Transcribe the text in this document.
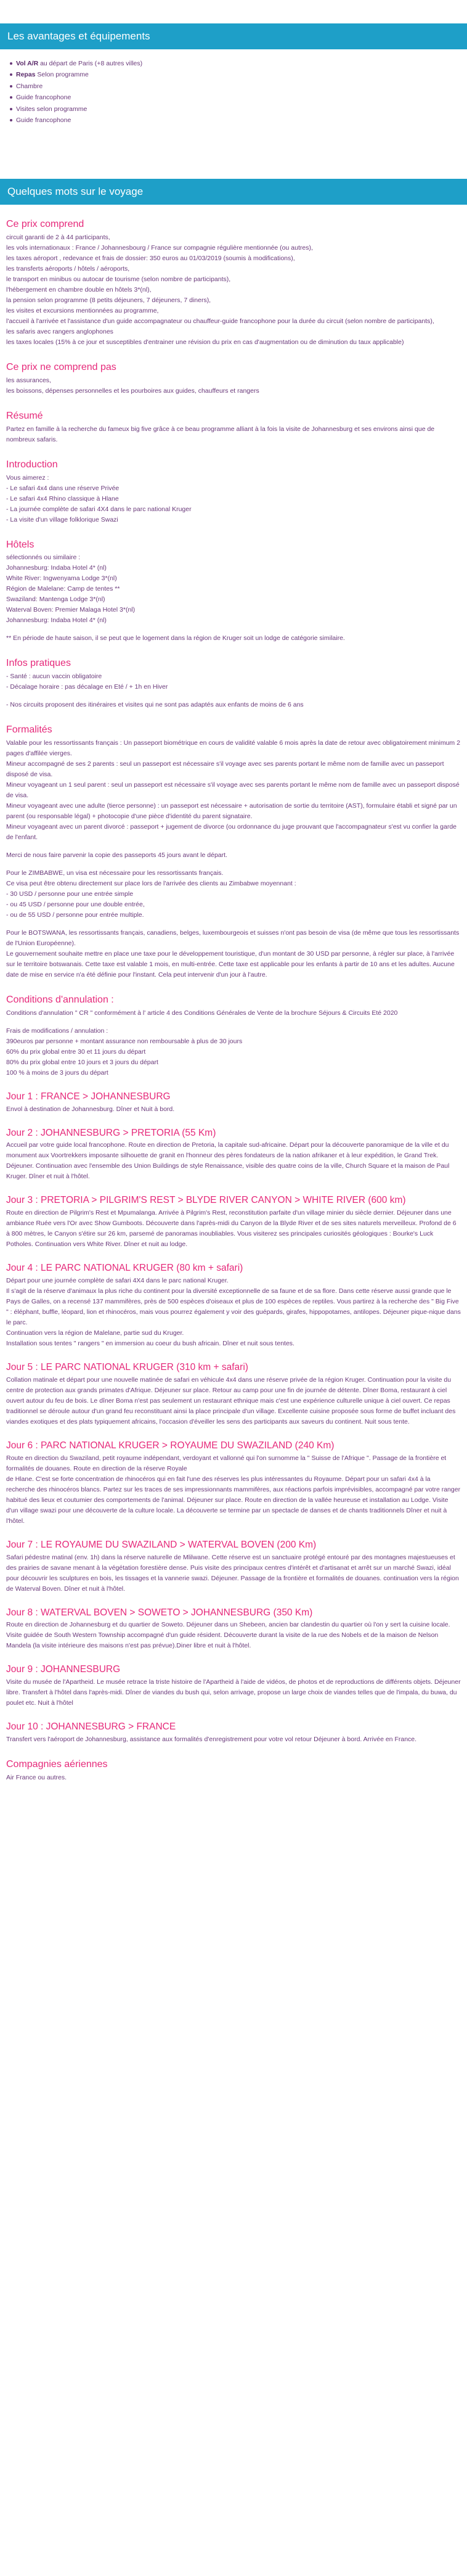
Les avantages et équipements
Vol A/R au départ de Paris (+8 autres villes)
Repas Selon programme
Chambre
Guide francophone
Visites selon programme
Guide francophone
Quelques mots sur le voyage
Ce prix comprend

circuit garanti de 2 à 44 participants,
les vols internationaux : France / Johannesbourg / France sur compagnie régulière mentionnée (ou autres),
les taxes aéroport , redevance et frais de dossier: 350 euros au 01/03/2019 (soumis à modifications),
les transferts aéroports / hôtels / aéroports,
le transport en minibus ou autocar de tourisme (selon nombre de participants),
l'hébergement en chambre double en hôtels 3*(nl),
la pension selon programme (8 petits déjeuners, 7 déjeuners, 7 diners),
les visites et excursions mentionnées au programme,
l'accueil à l'arrivée et l'assistance d'un guide accompagnateur ou chauffeur-guide francophone pour la durée du circuit (selon nombre de participants),
les safaris avec rangers anglophones
les taxes locales (15% à ce jour et susceptibles d'entrainer une révision du prix en cas d'augmentation ou de diminution du taux applicable)

Ce prix ne comprend pas

les assurances,
les boissons, dépenses personnelles et les pourboires aux guides, chauffeurs et rangers

Résumé

Partez en famille à la recherche du fameux big five grâce à ce beau programme alliant à la fois la visite de Johannesburg et ses environs ainsi que de nombreux safaris.

Introduction

Vous aimerez :
- Le safari 4x4 dans une réserve Privée
- Le safari 4x4 Rhino classique à Hlane
- La journée complète de safari 4X4 dans le parc national Kruger
- La visite d'un village folklorique Swazi

Hôtels

sélectionnés ou similaire :
Johannesburg: Indaba Hotel 4* (nl)
White River: Ingwenyama Lodge 3*(nl)
Région de Malelane: Camp de tentes **
Swaziland: Mantenga Lodge 3*(nl)
Waterval Boven: Premier Malaga Hotel 3*(nl)
Johannesburg: Indaba Hotel 4* (nl)

** En période de haute saison, il se peut que le logement dans la région de Kruger soit un lodge de catégorie similaire.

Infos pratiques

- Santé : aucun vaccin obligatoire
- Décalage horaire : pas décalage en Eté / + 1h en Hiver

- Nos circuits proposent des itinéraires et visites qui ne sont pas adaptés aux enfants de moins de 6 ans

Formalités

Valable pour les ressortissants français : Un passeport biométrique en cours de validité valable 6 mois après la date de retour avec obligatoirement minimum 2 pages d'affilée vierges.
Mineur accompagné de ses 2 parents : seul un passeport est nécessaire s'il voyage avec ses parents portant le même nom de famille avec un passeport disposé de visa.
Mineur voyageant un 1 seul parent : seul un passeport est nécessaire s'il voyage avec ses parents portant le même nom de famille avec un passeport disposé de visa.
Mineur voyageant avec une adulte (tierce personne) : un passeport est nécessaire + autorisation de sortie du territoire (AST), formulaire établi et signé par un parent (ou responsable légal) + photocopie d'une pièce d'identité du parent signataire.
Mineur voyageant avec un parent divorcé : passeport + jugement de divorce (ou ordonnance du juge prouvant que l'accompagnateur s'est vu confier la garde de l'enfant.

Merci de nous faire parvenir la copie des passeports 45 jours avant le départ.

Pour le ZIMBABWE, un visa est nécessaire pour les ressortissants français.
Ce visa peut être obtenu directement sur place lors de l'arrivée des clients au Zimbabwe moyennant :
- 30 USD / personne pour une entrée simple
- ou 45 USD / personne pour une double entrée,
- ou de 55 USD / personne pour entrée multiple.

Pour le BOTSWANA, les ressortissants français, canadiens, belges, luxembourgeois et suisses n'ont pas besoin de visa (de même que tous les ressortissants de l'Union Européenne).
Le gouvernement souhaite mettre en place une taxe pour le développement touristique, d'un montant de 30 USD par personne, à régler sur place, à l'arrivée sur le territoire botswanais. Cette taxe est valable 1 mois, en multi-entrée. Cette taxe est applicable pour les enfants à partir de 10 ans et les adultes. Aucune date de mise en service n'a été définie pour l'instant. Cela peut intervenir d'un jour à l'autre.

Conditions d'annulation :

Conditions d'annulation " CR " conformément à l' article 4 des Conditions Générales de Vente de la brochure Séjours & Circuits Eté 2020

Frais de modifications / annulation :
390euros par personne + montant assurance non remboursable à plus de 30 jours
60% du prix global entre 30 et 11 jours du départ
80% du prix global entre 10 jours et 3 jours du départ
100 % à moins de 3 jours du départ

Jour 1 : FRANCE > JOHANNESBURG

Envol à destination de Johannesburg. Dîner et Nuit à bord.

Jour 2 : JOHANNESBURG > PRETORIA (55 Km)

Accueil par votre guide local francophone. Route en direction de Pretoria, la capitale sud-africaine. Départ pour la découverte panoramique de la ville et du monument aux Voortrekkers imposante silhouette de granit en l'honneur des pères fondateurs de la nation afrikaner et à leur expédition, le Grand Trek. Déjeuner. Continuation avec l'ensemble des Union Buildings de style Renaissance, visible des quatre coins de la ville, Church Square et la maison de Paul Kruger. Dîner et nuit à l'hôtel.

Jour 3 : PRETORIA > PILGRIM'S REST > BLYDE RIVER CANYON > WHITE RIVER (600 km)

Route en direction de Pilgrim's Rest et Mpumalanga. Arrivée à Pilgrim's Rest, reconstitution parfaite d'un village minier du siècle dernier. Déjeuner dans une ambiance Ruée vers l'Or avec Show Gumboots. Découverte dans l'après-midi du Canyon de la Blyde River et de ses sites naturels merveilleux. Profond de 6 à 800 mètres, le Canyon s'étire sur 26 km, parsemé de panoramas inoubliables. Vous visiterez ses principales curiosités géologiques : Bourke's Luck Potholes. Continuation vers White River. Dîner et nuit au lodge.

Jour 4 : LE PARC NATIONAL KRUGER (80 km + safari)

Départ pour une journée complète de safari 4X4 dans le parc national Kruger.
Il s'agit de la réserve d'animaux la plus riche du continent pour la diversité exceptionnelle de sa faune et de sa flore. Dans cette réserve aussi grande que le Pays de Galles, on a recensé 137 mammifères, près de 500 espèces d'oiseaux et plus de 100 espèces de reptiles. Vous partirez à la recherche des " Big Five " : éléphant, buffle, léopard, lion et rhinocéros, mais vous pourrez également y voir des guépards, girafes, hippopotames, antilopes. Déjeuner pique-nique dans le parc.
Continuation vers la région de Malelane, partie sud du Kruger.
Installation sous tentes " rangers " en immersion au coeur du bush africain. Dîner et nuit sous tentes.

Jour 5 : LE PARC NATIONAL KRUGER (310 km + safari)

Collation matinale et départ pour une nouvelle matinée de safari en véhicule 4x4 dans une réserve privée de la région Kruger. Continuation pour la visite du centre de protection aux grands primates d'Afrique. Déjeuner sur place. Retour au camp pour une fin de journée de détente. Dîner Boma, restaurant à ciel ouvert autour du feu de bois. Le dîner Boma n'est pas seulement un restaurant ethnique mais c'est une expérience culturelle unique à ciel ouvert. Ce repas traditionnel se déroule autour d'un grand feu reconstituant ainsi la place principale d'un village. Excellente cuisine proposée sous forme de buffet incluant des viandes exotiques et des plats typiquement africains, l'occasion d'éveiller les sens des participants aux saveurs du continent. Nuit sous tente.

Jour 6 : PARC NATIONAL KRUGER > ROYAUME DU SWAZILAND (240 Km)

Route en direction du Swaziland, petit royaume indépendant, verdoyant et vallonné qui l'on surnomme la " Suisse de l'Afrique ". Passage de la frontière et formalités de douanes. Route en direction de la réserve Royale
de Hlane. C'est se forte concentration de rhinocéros qui en fait l'une des réserves les plus intéressantes du Royaume. Départ pour un safari 4x4 à la recherche des rhinocéros blancs. Partez sur les traces de ses impressionnants mammifères, aux réactions parfois imprévisibles, accompagné par votre ranger habitué des lieux et coutumier des comportements de l'animal. Déjeuner sur place. Route en direction de la vallée heureuse et installation au Lodge. Visite d'un village swazi pour une découverte de la culture locale. La découverte se termine par un spectacle de danses et de chants traditionnels Dîner et nuit à l'hôtel.

Jour 7 : LE ROYAUME DU SWAZILAND > WATERVAL BOVEN (200 Km)

Safari pédestre matinal (env. 1h) dans la réserve naturelle de Mlilwane. Cette réserve est un sanctuaire protégé entouré par des montagnes majestueuses et des prairies de savane menant à la végétation forestière dense. Puis visite des principaux centres d'intérêt et d'artisanat et arrêt sur un marché Swazi, idéal pour découvrir les sculptures en bois, les tissages et la vannerie swazi. Déjeuner. Passage de la frontière et formalités de douanes. continuation vers la région de Waterval Boven. Dîner et nuit à l'hôtel.

Jour 8 : WATERVAL BOVEN > SOWETO > JOHANNESBURG (350 Km)

Route en direction de Johannesburg et du quartier de Soweto. Déjeuner dans un Shebeen, ancien bar clandestin du quartier où l'on y sert la cuisine locale. Visite guidée de South Western Township accompagné d'un guide résident. Découverte durant la visite de la rue des Nobels et de la maison de Nelson Mandela (la visite intérieure des maisons n'est pas prévue).Diner libre et nuit à l'hôtel.

Jour 9 : JOHANNESBURG

Visite du musée de l'Apartheid. Le musée retrace la triste histoire de l'Apartheid à l'aide de vidéos, de photos et de reproductions de différents objets. Déjeuner libre. Transfert à l'hôtel dans l'après-midi. Dîner de viandes du bush qui, selon arrivage, propose un large choix de viandes telles que de l'impala, du buwa, du poulet etc. Nuit à l'hôtel

Jour 10 : JOHANNESBURG > FRANCE

Transfert vers l'aéroport de Johannesburg, assistance aux formalités d'enregistrement pour votre vol retour Déjeuner à bord. Arrivée en France.

Compagnies aériennes

Air France ou autres.
